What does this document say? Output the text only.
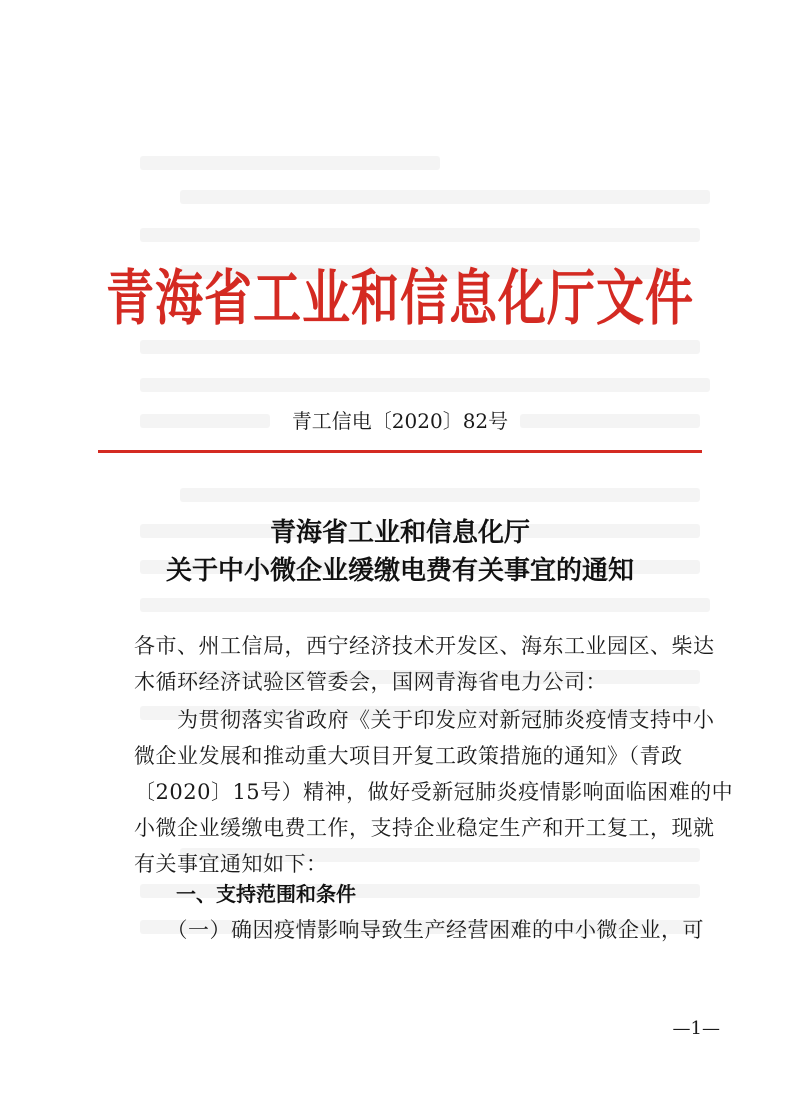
青海省工业和信息化厅文件
青工信电〔2020〕82号
青海省工业和信息化厅
关于中小微企业缓缴电费有关事宜的通知
各市、州工信局，西宁经济技术开发区、海东工业园区、柴达
木循环经济试验区管委会，国网青海省电力公司：
　　为贯彻落实省政府《关于印发应对新冠肺炎疫情支持中小
微企业发展和推动重大项目开复工政策措施的通知》（青政
〔2020〕15号）精神，做好受新冠肺炎疫情影响面临困难的中
小微企业缓缴电费工作，支持企业稳定生产和开工复工，现就
有关事宜通知如下：
一、支持范围和条件
　　（一）确因疫情影响导致生产经营困难的中小微企业，可
—1—
